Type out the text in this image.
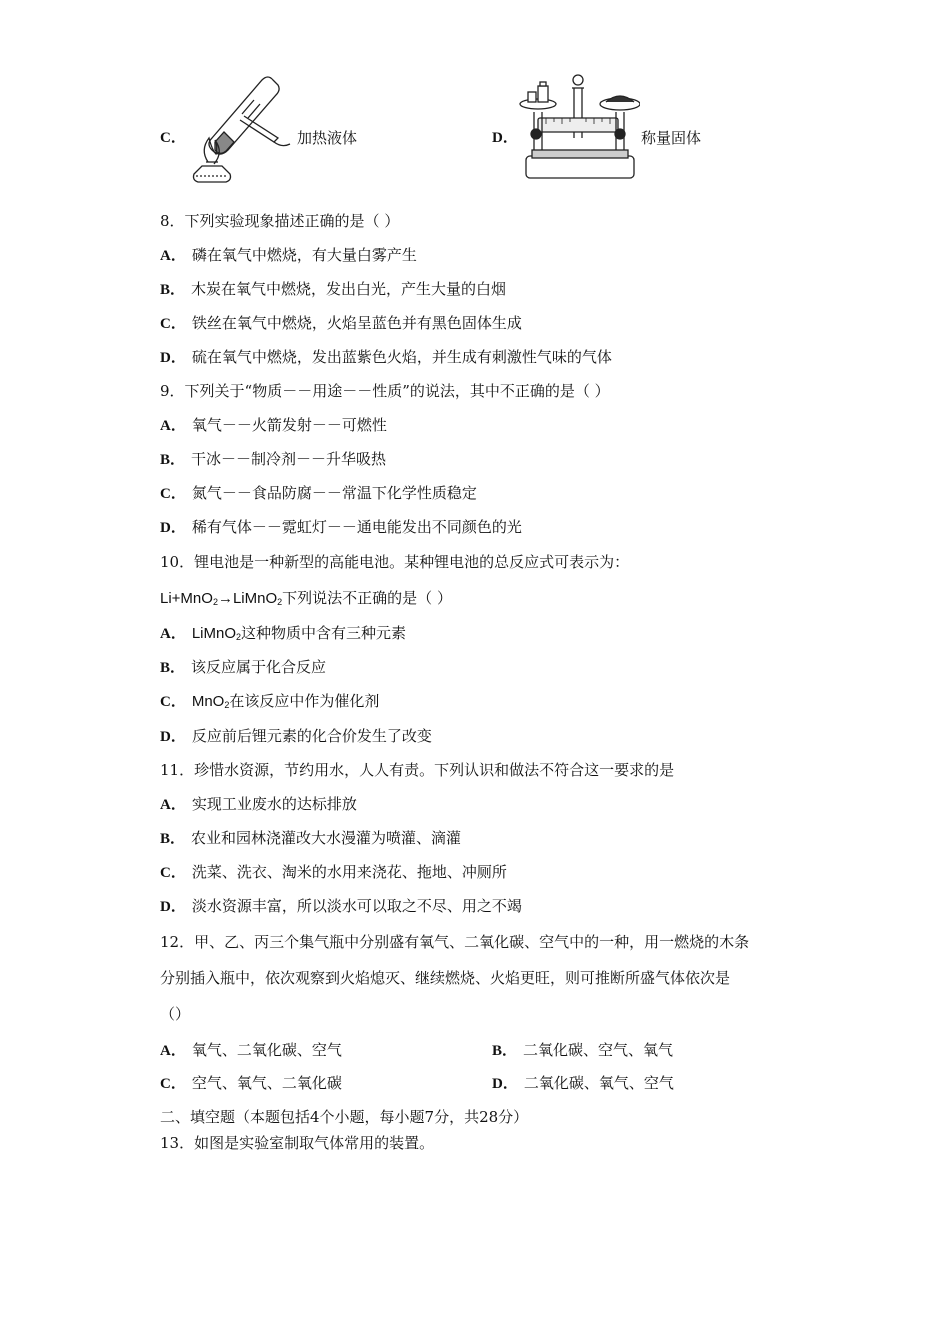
C．	加热液体	D．	称量固体
8．下列实验现象描述正确的是（ ）
A． 磷在氧气中燃烧，有大量白雾产生
B． 木炭在氧气中燃烧，发出白光，产生大量的白烟
C． 铁丝在氧气中燃烧，火焰呈蓝色并有黑色固体生成
D． 硫在氧气中燃烧，发出蓝紫色火焰，并生成有刺激性气味的气体
9．下列关于“物质－－用途－－性质”的说法，其中不正确的是（ ）
A． 氧气－－火箭发射－－可燃性
B． 干冰－－制冷剂－－升华吸热
C． 氮气－－食品防腐－－常温下化学性质稳定
D． 稀有气体－－霓虹灯－－通电能发出不同颜色的光
10．锂电池是一种新型的高能电池。某种锂电池的总反应式可表示为：
Li+MnO$_2$→LiMnO$_2$下列说法不正确的是（ ）
A． LiMnO$_2$这种物质中含有三种元素
B． 该反应属于化合反应
C． MnO$_2$在该反应中作为催化剂
D． 反应前后锂元素的化合价发生了改变
11．珍惜水资源，节约用水，人人有责。下列认识和做法不符合这一要求的是
A． 实现工业废水的达标排放
B． 农业和园林浇灌改大水漫灌为喷灌、滴灌
C． 洗菜、洗衣、淘米的水用来浇花、拖地、冲厕所
D． 淡水资源丰富，所以淡水可以取之不尽、用之不竭
12．甲、乙、丙三个集气瓶中分别盛有氧气、二氧化碳、空气中的一种，用一燃烧的木条
分别插入瓶中，依次观察到火焰熄灭、继续燃烧、火焰更旺，则可推断所盛气体依次是
（）
A． 氧气、二氧化碳、空气	B． 二氧化碳、空气、氧气
C． 空气、氧气、二氧化碳	D． 二氧化碳、氧气、空气
二、填空题（本题包括4个小题，每小题7分，共28分）
13．如图是实验室制取气体常用的装置。
